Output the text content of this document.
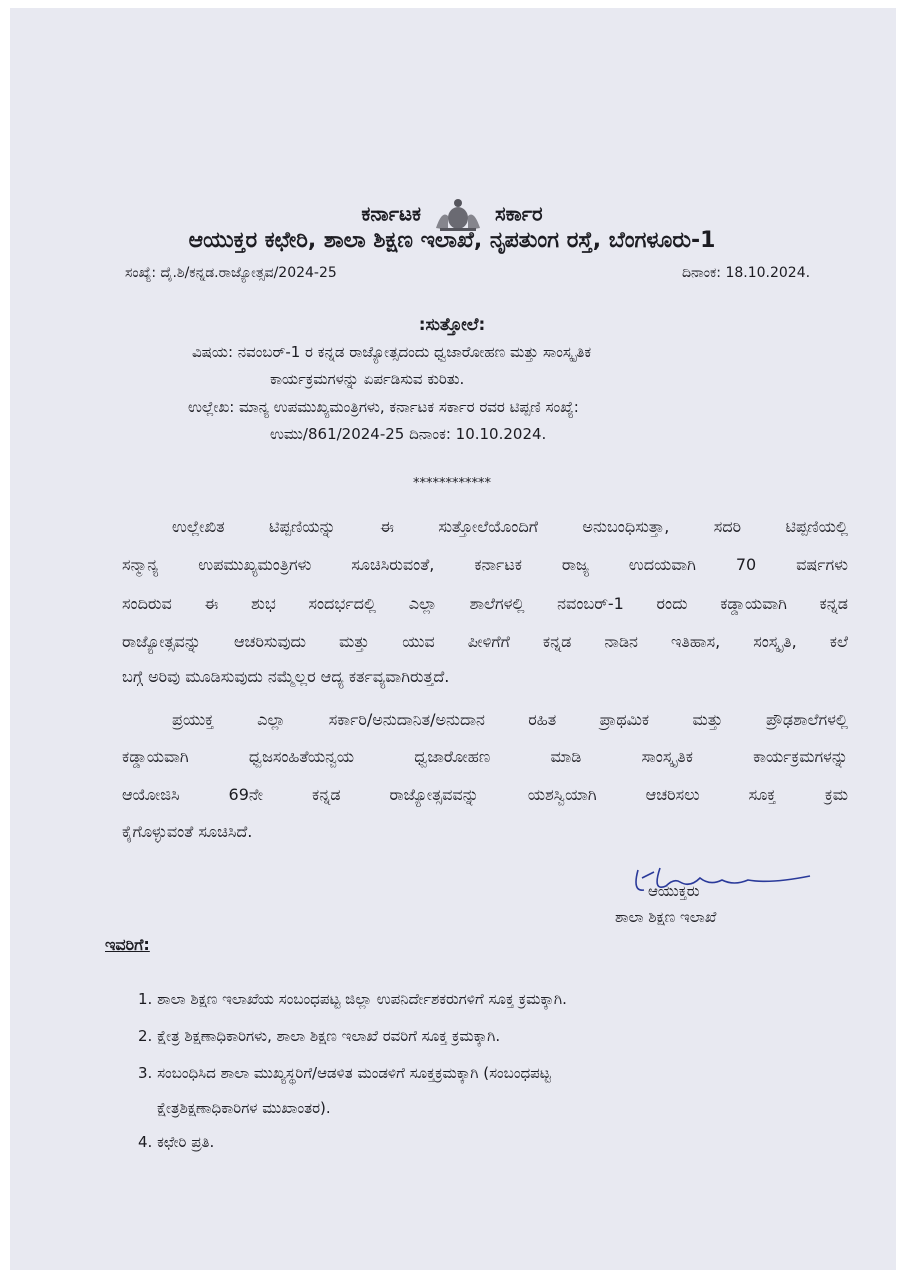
ಕರ್ನಾಟಕ	ಸರ್ಕಾರ
ಆಯುಕ್ತರ ಕಛೇರಿ, ಶಾಲಾ ಶಿಕ್ಷಣ ಇಲಾಖೆ, ನೃಪತುಂಗ ರಸ್ತೆ, ಬೆಂಗಳೂರು-1
ಸಂಖ್ಯೆ: ದೈ.ಶಿ/ಕನ್ನಡ.ರಾಜ್ಯೋತ್ಸವ/2024-25	ದಿನಾಂಕ: 18.10.2024.
:ಸುತ್ತೋಲೆ:
ವಿಷಯ: ನವಂಬರ್-1 ರ ಕನ್ನಡ ರಾಜ್ಯೋತ್ಸದಂದು ಧ್ವಜಾರೋಹಣ ಮತ್ತು ಸಾಂಸ್ಕೃತಿಕ
ಕಾರ್ಯಕ್ರಮಗಳನ್ನು ಏರ್ಪಡಿಸುವ ಕುರಿತು.
ಉಲ್ಲೇಖ: ಮಾನ್ಯ ಉಪಮುಖ್ಯಮಂತ್ರಿಗಳು, ಕರ್ನಾಟಕ ಸರ್ಕಾರ ರವರ ಟಿಪ್ಪಣಿ ಸಂಖ್ಯೆ:
ಉಮು/861/2024-25 ದಿನಾಂಕ: 10.10.2024.
************
ಉಲ್ಲೇಖಿತ ಟಿಪ್ಪಣಿಯನ್ನು ಈ ಸುತ್ತೋಲೆಯೊಂದಿಗೆ ಅನುಬಂಧಿಸುತ್ತಾ, ಸದರಿ ಟಿಪ್ಪಣಿಯಲ್ಲಿ
ಸನ್ಮಾನ್ಯ ಉಪಮುಖ್ಯಮಂತ್ರಿಗಳು ಸೂಚಿಸಿರುವಂತೆ, ಕರ್ನಾಟಕ ರಾಜ್ಯ ಉದಯವಾಗಿ 70 ವರ್ಷಗಳು
ಸಂದಿರುವ ಈ ಶುಭ ಸಂದರ್ಭದಲ್ಲಿ ಎಲ್ಲಾ ಶಾಲೆಗಳಲ್ಲಿ ನವಂಬರ್-1 ರಂದು ಕಡ್ಡಾಯವಾಗಿ ಕನ್ನಡ
ರಾಜ್ಯೋತ್ಸವನ್ನು ಆಚರಿಸುವುದು ಮತ್ತು ಯುವ ಪೀಳಿಗೆಗೆ ಕನ್ನಡ ನಾಡಿನ ಇತಿಹಾಸ, ಸಂಸ್ಕೃತಿ, ಕಲೆ
ಬಗ್ಗೆ ಅರಿವು ಮೂಡಿಸುವುದು ನಮ್ಮೆಲ್ಲರ ಆದ್ಯ ಕರ್ತವ್ಯವಾಗಿರುತ್ತದೆ.
ಪ್ರಯುಕ್ತ ಎಲ್ಲಾ ಸರ್ಕಾರಿ/ಅನುದಾನಿತ/ಅನುದಾನ ರಹಿತ ಪ್ರಾಥಮಿಕ ಮತ್ತು ಪ್ರೌಢಶಾಲೆಗಳಲ್ಲಿ
ಕಡ್ಡಾಯವಾಗಿ ಧ್ವಜಸಂಹಿತೆಯನ್ವಯ ಧ್ವಜಾರೋಹಣ ಮಾಡಿ ಸಾಂಸ್ಕೃತಿಕ ಕಾರ್ಯಕ್ರಮಗಳನ್ನು
ಆಯೋಜಿಸಿ 69ನೇ ಕನ್ನಡ ರಾಜ್ಯೋತ್ಸವವನ್ನು ಯಶಸ್ವಿಯಾಗಿ ಆಚರಿಸಲು ಸೂಕ್ತ ಕ್ರಮ
ಕೈಗೊಳ್ಳುವಂತೆ ಸೂಚಿಸಿದೆ.
ಆಯುಕ್ತರು
ಶಾಲಾ ಶಿಕ್ಷಣ ಇಲಾಖೆ
ಇವರಿಗೆ:
1. ಶಾಲಾ ಶಿಕ್ಷಣ ಇಲಾಖೆಯ ಸಂಬಂಧಪಟ್ಟ ಜಿಲ್ಲಾ ಉಪನಿರ್ದೇಶಕರುಗಳಿಗೆ ಸೂಕ್ತ ಕ್ರಮಕ್ಕಾಗಿ.
2. ಕ್ಷೇತ್ರ ಶಿಕ್ಷಣಾಧಿಕಾರಿಗಳು, ಶಾಲಾ ಶಿಕ್ಷಣ ಇಲಾಖೆ ರವರಿಗೆ ಸೂಕ್ತ ಕ್ರಮಕ್ಕಾಗಿ.
3. ಸಂಬಂಧಿಸಿದ ಶಾಲಾ ಮುಖ್ಯಸ್ಥರಿಗೆ/ಆಡಳಿತ ಮಂಡಳಿಗೆ ಸೂಕ್ತಕ್ರಮಕ್ಕಾಗಿ (ಸಂಬಂಧಪಟ್ಟ
ಕ್ಷೇತ್ರಶಿಕ್ಷಣಾಧಿಕಾರಿಗಳ ಮುಖಾಂತರ).
4. ಕಛೇರಿ ಪ್ರತಿ.
